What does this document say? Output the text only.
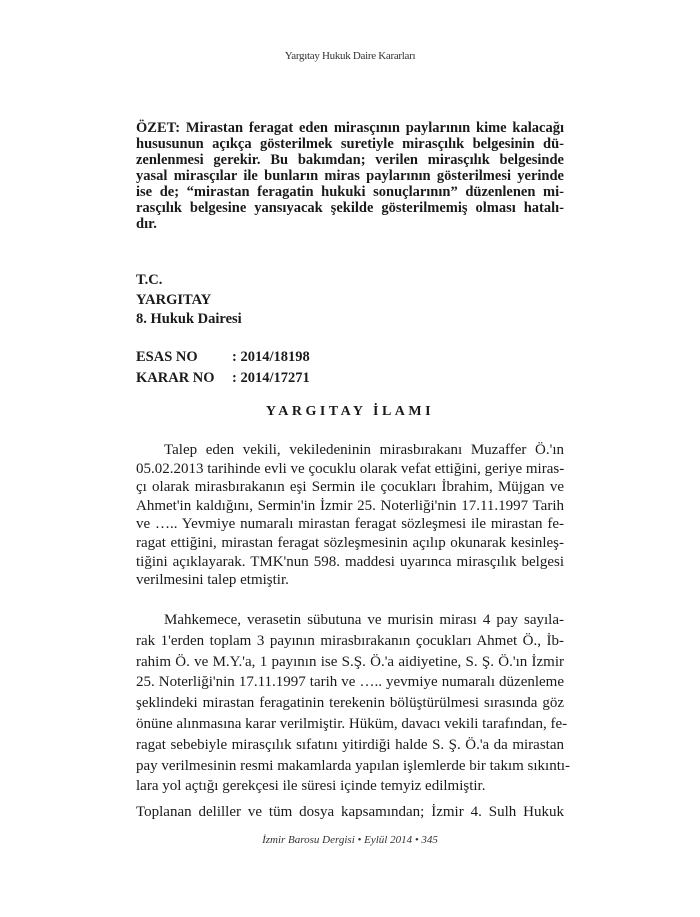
Yargıtay Hukuk Daire Kararları
ÖZET: Mirastan feragat eden mirasçının paylarının kime kalacağı
hususunun açıkça gösterilmek suretiyle mirasçılık belgesinin dü-
zenlenmesi gerekir. Bu bakımdan; verilen mirasçılık belgesinde
yasal mirasçılar ile bunların miras paylarının gösterilmesi yerinde
ise de; “mirastan feragatin hukuki sonuçlarının” düzenlenen mi-
rasçılık belgesine yansıyacak şekilde gösterilmemiş olması hatalı-
dır.
T.C.
YARGITAY
8. Hukuk Dairesi
ESAS NO	: 2014/18198
KARAR NO	: 2014/17271
YARGITAY İLAMI
Talep eden vekili, vekiledeninin mirasbırakanı Muzaffer Ö.'ın
05.02.2013 tarihinde evli ve çocuklu olarak vefat ettiğini, geriye miras-
çı olarak mirasbırakanın eşi Sermin ile çocukları İbrahim, Müjgan ve
Ahmet'in kaldığını, Sermin'in İzmir 25. Noterliği'nin 17.11.1997 Tarih
ve ….. Yevmiye numaralı mirastan feragat sözleşmesi ile mirastan fe-
ragat ettiğini, mirastan feragat sözleşmesinin açılıp okunarak kesinleş-
tiğini açıklayarak. TMK'nun 598. maddesi uyarınca mirasçılık belgesi
verilmesini talep etmiştir.
Mahkemece, verasetin sübutuna ve murisin mirası 4 pay sayıla-
rak 1'erden toplam 3 payının mirasbırakanın çocukları Ahmet Ö., İb-
rahim Ö. ve M.Y.'a, 1 payının ise S.Ş. Ö.'a aidiyetine, S. Ş. Ö.'ın İzmir
25. Noterliği'nin 17.11.1997 tarih ve ….. yevmiye numaralı düzenleme
şeklindeki mirastan feragatinin terekenin bölüştürülmesi sırasında göz
önüne alınmasına karar verilmiştir. Hüküm, davacı vekili tarafından, fe-
ragat sebebiyle mirasçılık sıfatını yitirdiği halde S. Ş. Ö.'a da mirastan
pay verilmesinin resmi makamlarda yapılan işlemlerde bir takım sıkıntı-
lara yol açtığı gerekçesi ile süresi içinde temyiz edilmiştir.
Toplanan deliller ve tüm dosya kapsamından; İzmir 4. Sulh Hukuk
İzmir Barosu Dergisi • Eylül 2014 • 345
